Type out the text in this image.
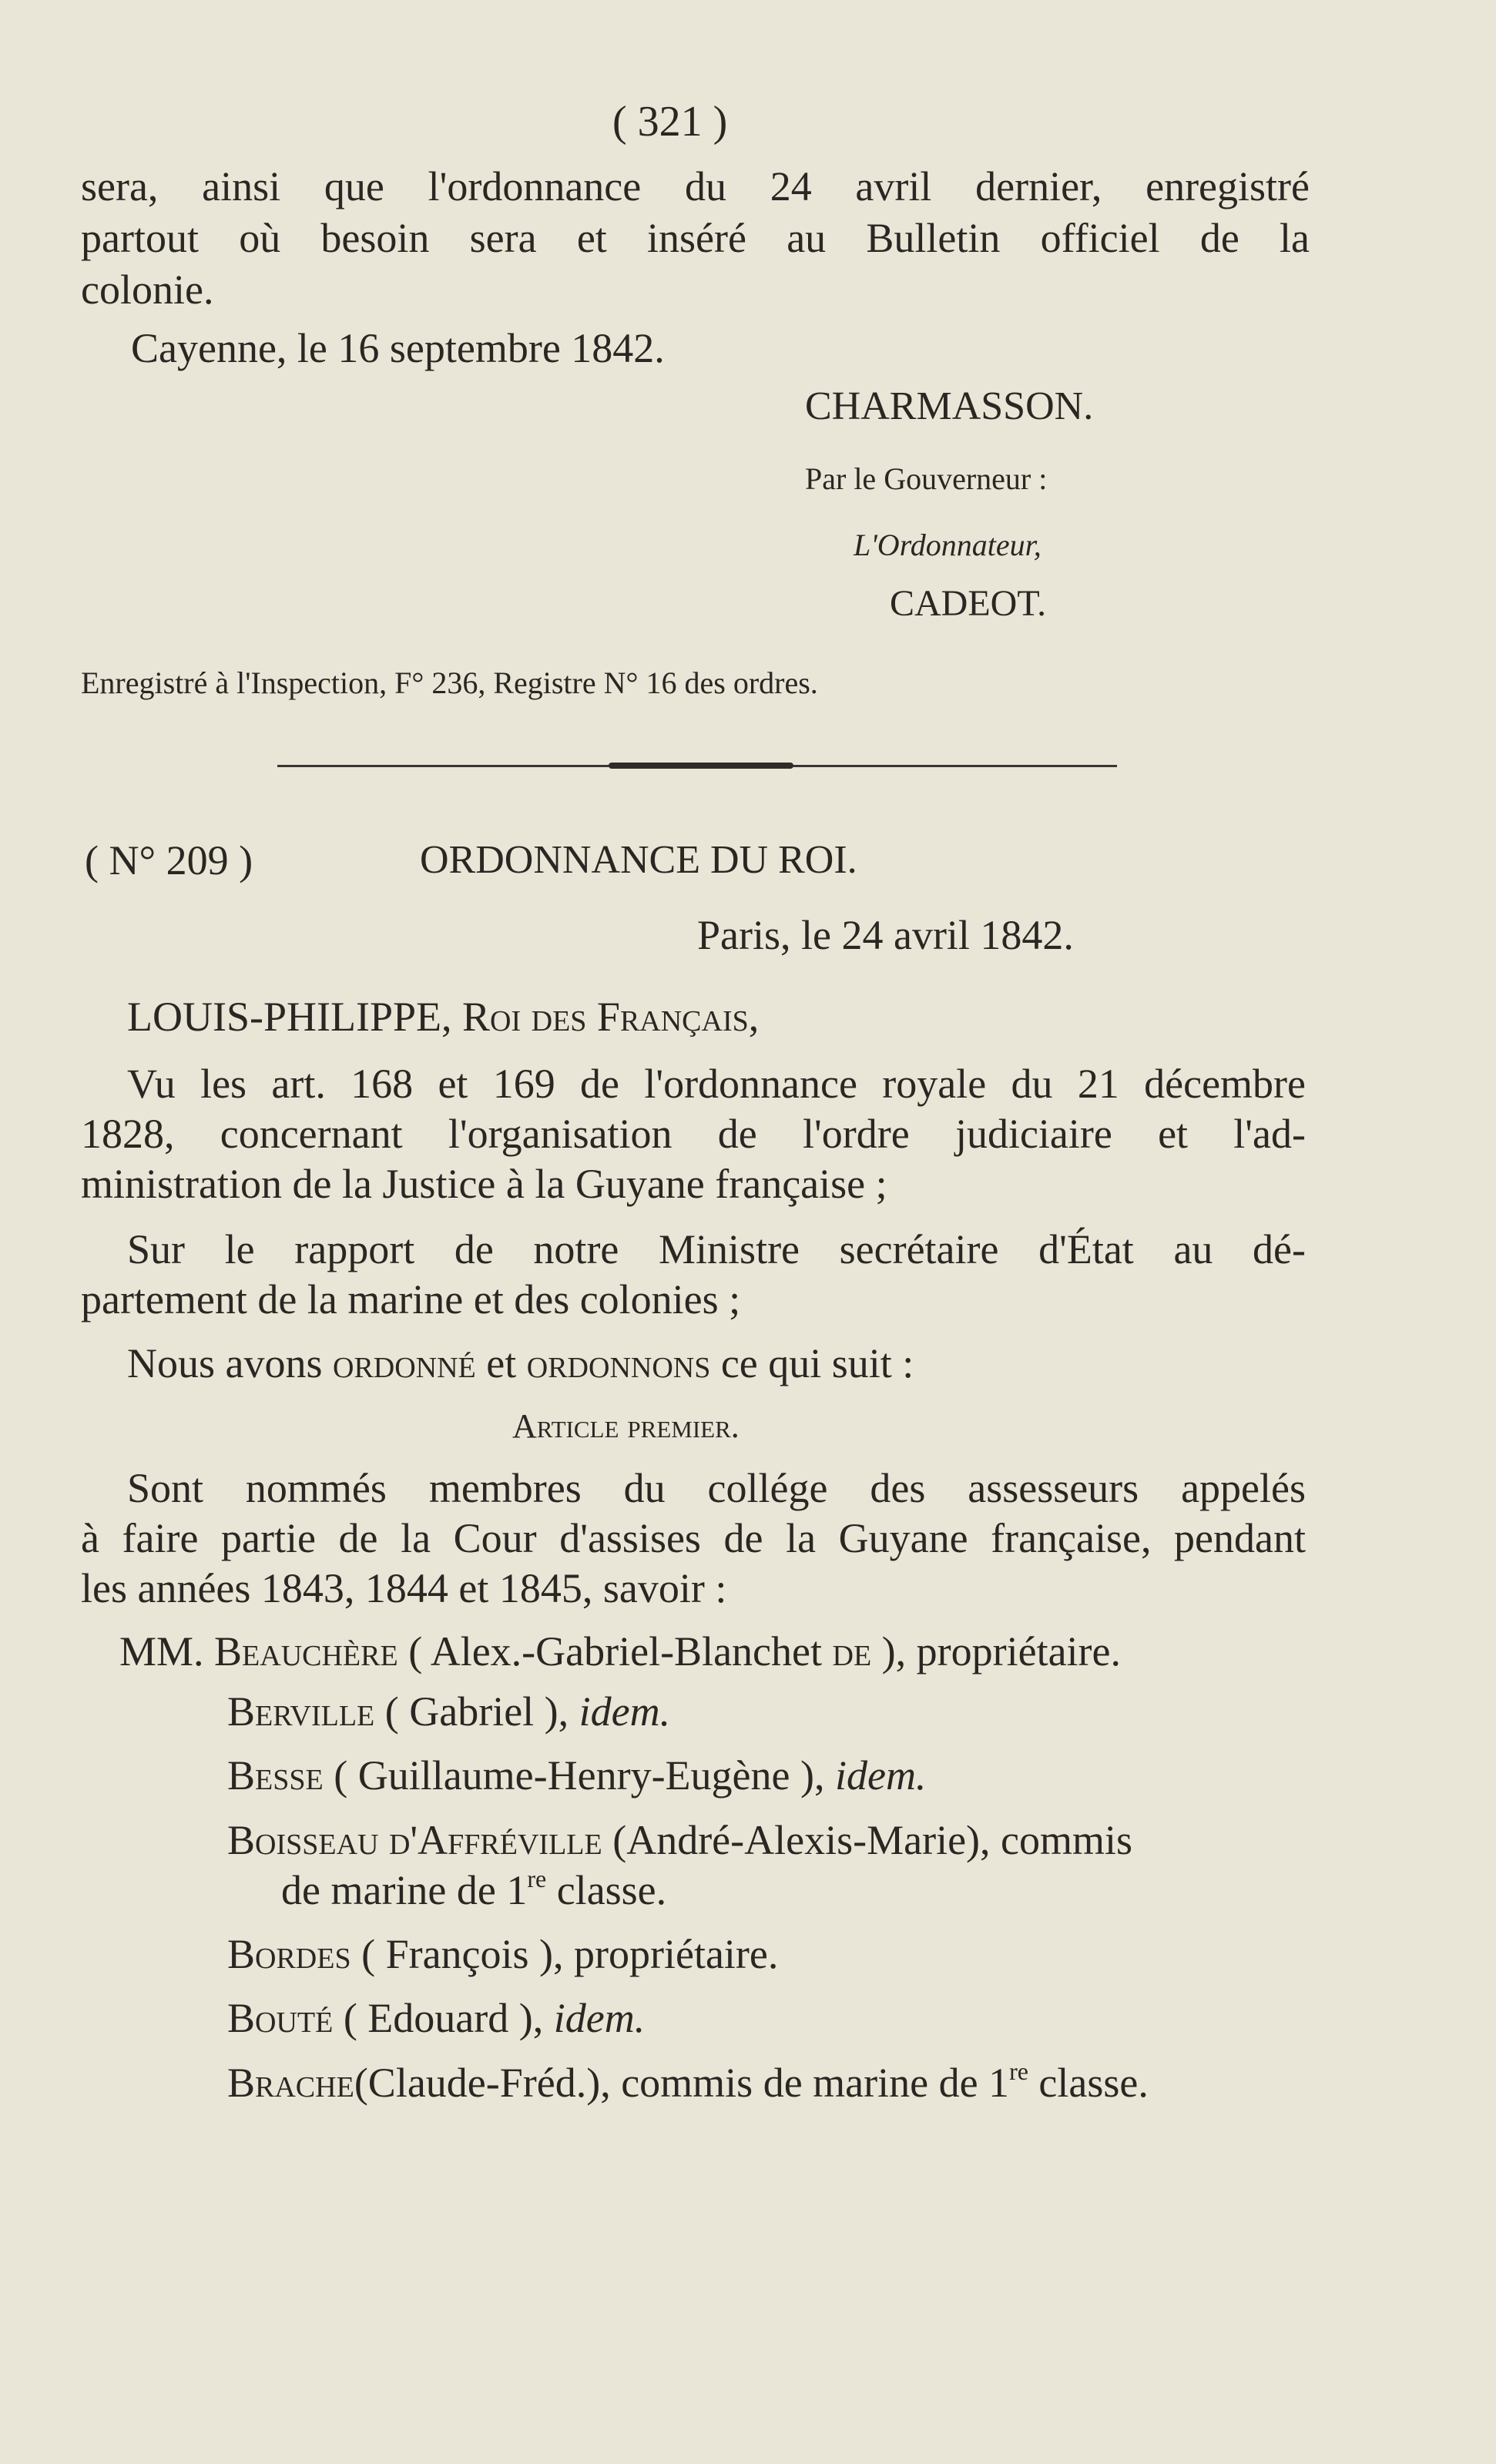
( 321 )
sera, ainsi que l'ordonnance du 24 avril dernier, enregistré
partout où besoin sera et inséré au Bulletin officiel de la
colonie.
Cayenne, le 16 septembre 1842.
CHARMASSON.
Par le Gouverneur :
L'Ordonnateur,
CADEOT.
Enregistré à l'Inspection, F° 236, Registre N° 16 des ordres.
( N° 209 )	ORDONNANCE DU ROI.
Paris, le 24 avril 1842.
LOUIS-PHILIPPE, Roi des Français,
Vu les art. 168 et 169 de l'ordonnance royale du 21 décembre
1828, concernant l'organisation de l'ordre judiciaire et l'ad-
ministration de la Justice à la Guyane française ;
Sur le rapport de notre Ministre secrétaire d'État au dé-
partement de la marine et des colonies ;
Nous avons ordonné et ordonnons ce qui suit :
Article premier.
Sont nommés membres du collége des assesseurs appelés
à faire partie de la Cour d'assises de la Guyane française, pendant
les années 1843, 1844 et 1845, savoir :
MM. Beauchère ( Alex.-Gabriel-Blanchet de ), propriétaire.
Berville ( Gabriel ), idem.
Besse ( Guillaume-Henry-Eugène ), idem.
Boisseau d'Affréville (André-Alexis-Marie), commis
de marine de 1re classe.
Bordes ( François ), propriétaire.
Bouté ( Edouard ), idem.
Brache(Claude-Fréd.), commis de marine de 1re classe.
